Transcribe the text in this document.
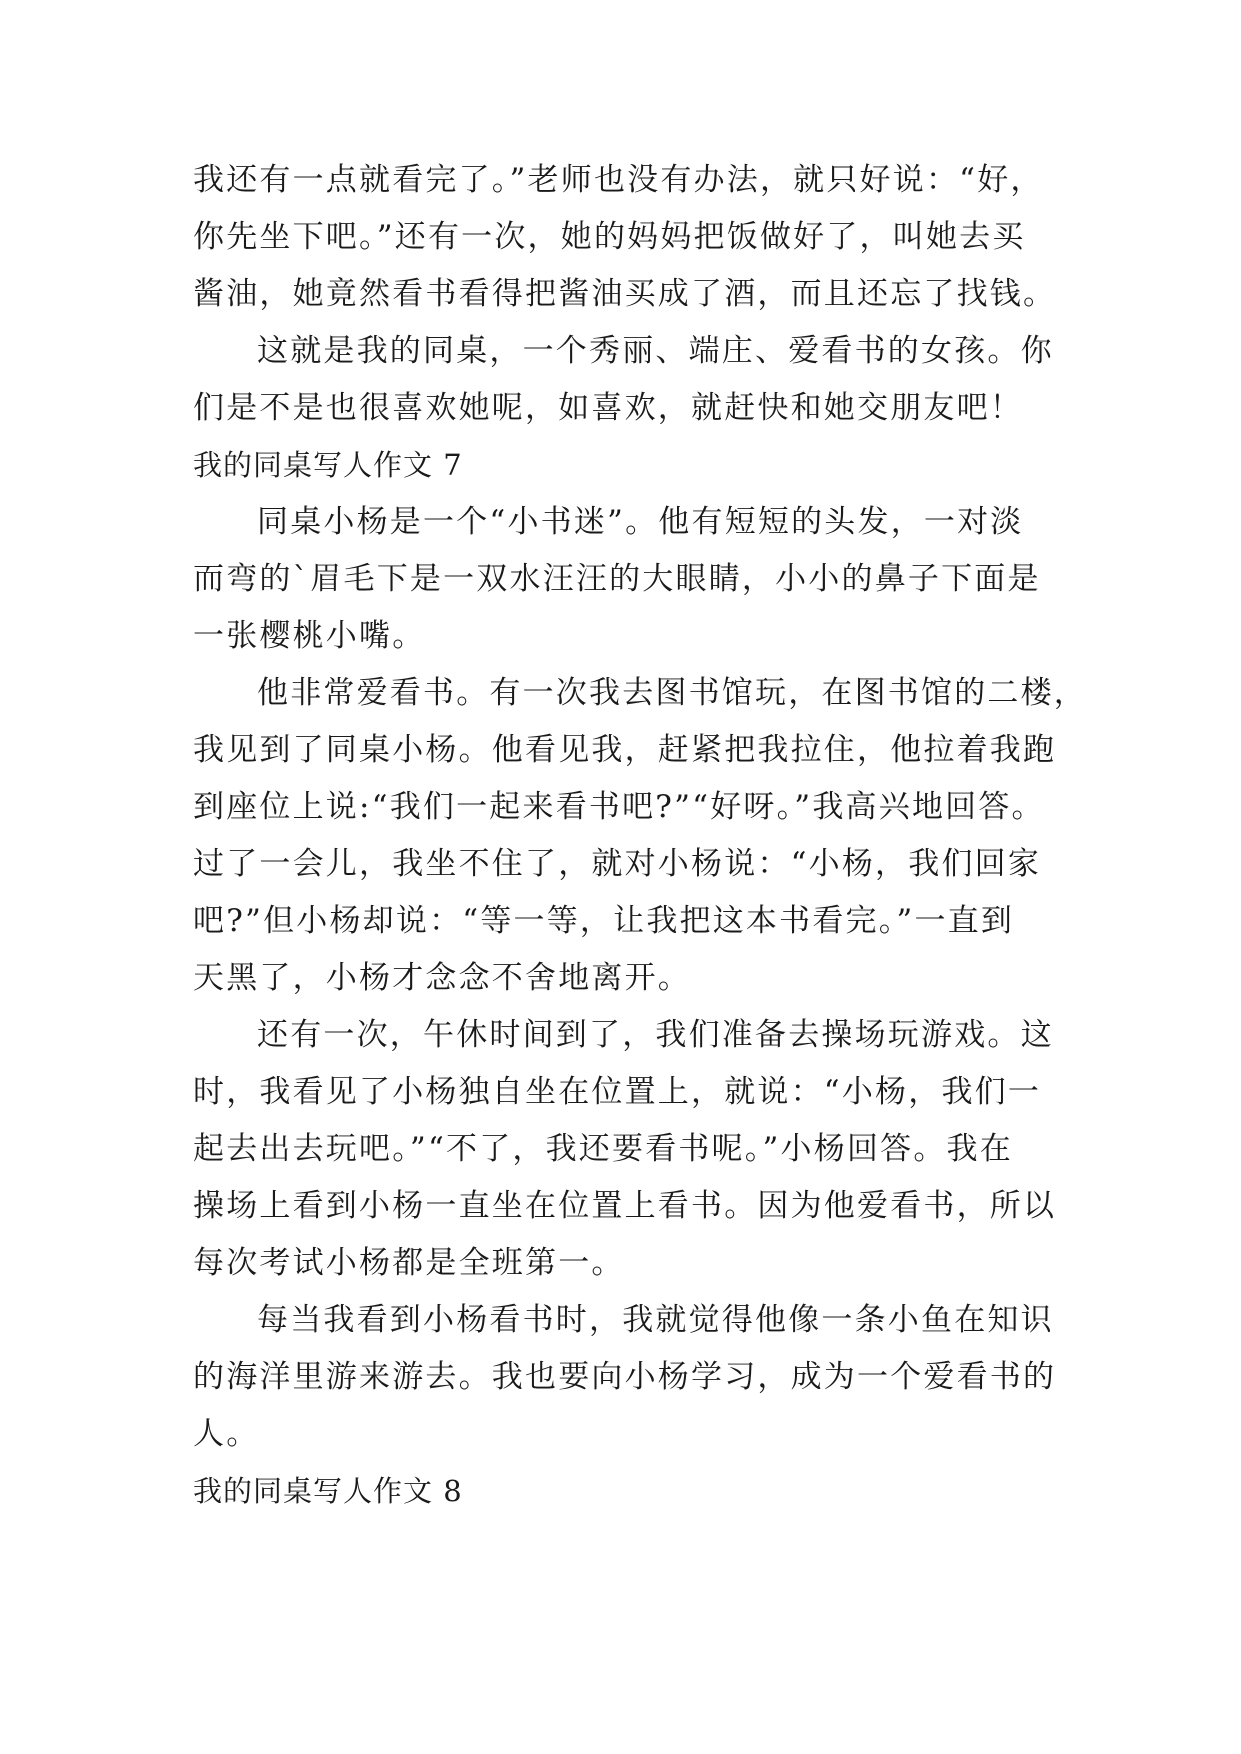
我还有一点就看完了。”老师也没有办法，就只好说：“好，
你先坐下吧。”还有一次，她的妈妈把饭做好了，叫她去买
酱油，她竟然看书看得把酱油买成了酒，而且还忘了找钱。
这就是我的同桌，一个秀丽、端庄、爱看书的女孩。你
们是不是也很喜欢她呢，如喜欢，就赶快和她交朋友吧！
我的同桌写人作文 7
同桌小杨是一个“小书迷”。他有短短的头发，一对淡
而弯的`眉毛下是一双水汪汪的大眼睛，小小的鼻子下面是
一张樱桃小嘴。
他非常爱看书。有一次我去图书馆玩，在图书馆的二楼，
我见到了同桌小杨。他看见我，赶紧把我拉住，他拉着我跑
到座位上说:“我们一起来看书吧?”“好呀。”我高兴地回答。
过了一会儿，我坐不住了，就对小杨说：“小杨，我们回家
吧?”但小杨却说：“等一等，让我把这本书看完。”一直到
天黑了，小杨才念念不舍地离开。
还有一次，午休时间到了，我们准备去操场玩游戏。这
时，我看见了小杨独自坐在位置上，就说：“小杨，我们一
起去出去玩吧。”“不了，我还要看书呢。”小杨回答。我在
操场上看到小杨一直坐在位置上看书。因为他爱看书，所以
每次考试小杨都是全班第一。
每当我看到小杨看书时，我就觉得他像一条小鱼在知识
的海洋里游来游去。我也要向小杨学习，成为一个爱看书的
人。
我的同桌写人作文 8
